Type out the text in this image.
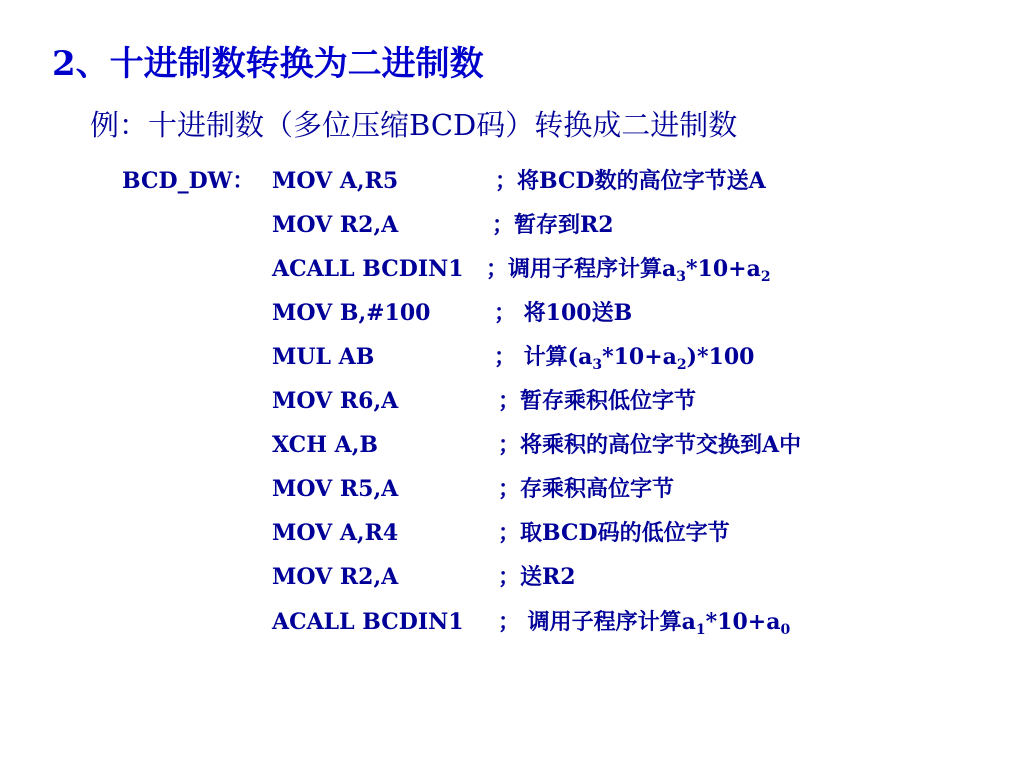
2、十进制数转换为二进制数
例：十进制数（多位压缩BCD码）转换成二进制数
BCD_DW： MOV A,R5	；将BCD数的高位字节送A
MOV R2,A	；暂存到R2
ACALL BCDIN1 ；调用子程序计算$a_3*10+a_2$
MOV B,#100	； 将100送B
MUL AB	； 计算$(a_3*10+a_2)*100$
MOV R6,A	；暂存乘积低位字节
XCH A,B	；将乘积的高位字节交换到A中
MOV R5,A	；存乘积高位字节
MOV A,R4	；取BCD码的低位字节
MOV R2,A	；送R2
ACALL BCDIN1 ； 调用子程序计算$a_1*10+a_0$
